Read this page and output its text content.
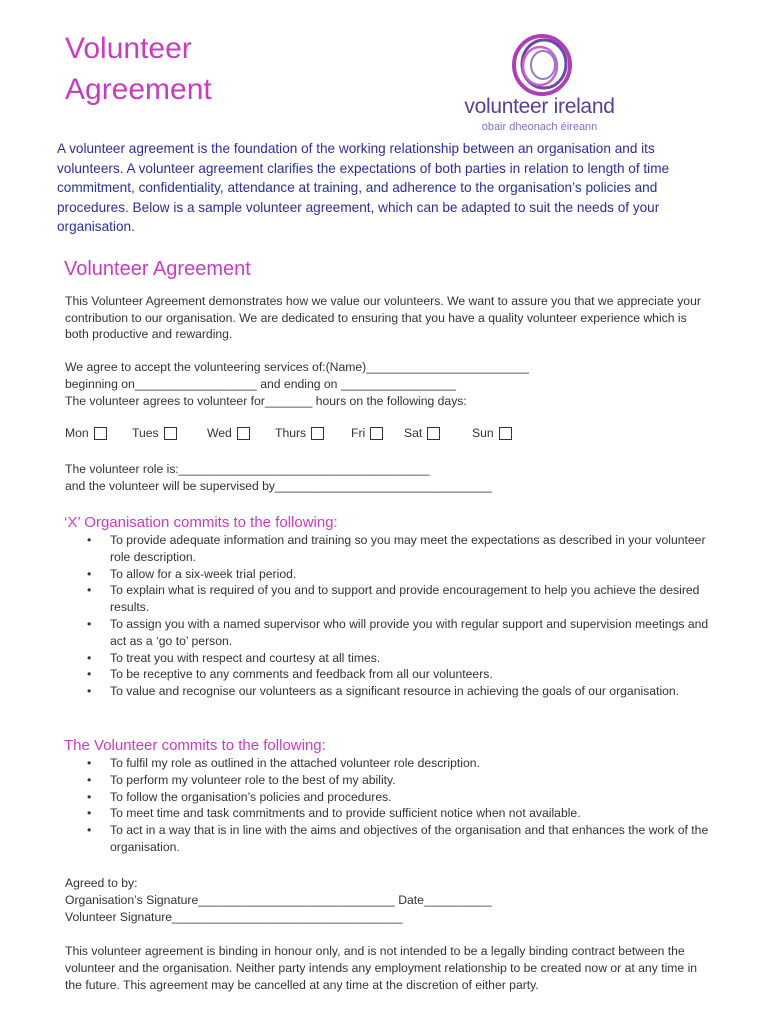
Volunteer Agreement
volunteer ireland
obair dheonach éireann
A volunteer agreement is the foundation of the working relationship between an organisation and its volunteers. A volunteer agreement clarifies the expectations of both parties in relation to length of time commitment, confidentiality, attendance at training, and adherence to the organisation’s policies and procedures. Below is a sample volunteer agreement, which can be adapted to suit the needs of your organisation.
Volunteer Agreement
This Volunteer Agreement demonstrates how we value our volunteers. We want to assure you that we appreciate your contribution to our organisation. We are dedicated to ensuring that you have a quality volunteer experience which is both productive and rewarding.
We agree to accept the volunteering services of:(Name)________________________
beginning on__________________ and ending on _________________
The volunteer agrees to volunteer for_______ hours on the following days:
Mon	Tues	Wed	Thurs	Fri	Sat	Sun
The volunteer role is:_____________________________________
and the volunteer will be supervised by________________________________
‘X’ Organisation commits to the following:
• To provide adequate information and training so you may meet the expectations as described in your volunteer role description.
• To allow for a six-week trial period.
• To explain what is required of you and to support and provide encouragement to help you achieve the desired results.
• To assign you with a named supervisor who will provide you with regular support and supervision meetings and act as a ‘go to’ person.
• To treat you with respect and courtesy at all times.
• To be receptive to any comments and feedback from all our volunteers.
• To value and recognise our volunteers as a significant resource in achieving the goals of our organisation.
The Volunteer commits to the following:
• To fulfil my role as outlined in the attached volunteer role description.
• To perform my volunteer role to the best of my ability.
• To follow the organisation’s policies and procedures.
• To meet time and task commitments and to provide sufficient notice when not available.
• To act in a way that is in line with the aims and objectives of the organisation and that enhances the work of the organisation.
Agreed to by:
Organisation’s Signature_____________________________ Date__________
Volunteer Signature__________________________________
This volunteer agreement is binding in honour only, and is not intended to be a legally binding contract between the volunteer and the organisation. Neither party intends any employment relationship to be created now or at any time in the future. This agreement may be cancelled at any time at the discretion of either party.
